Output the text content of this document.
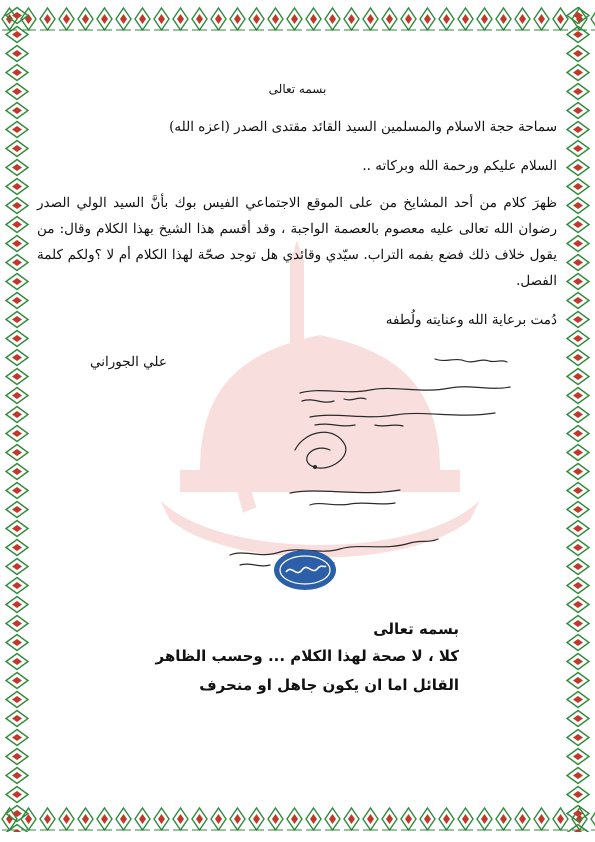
بسمه تعالى
سماحة حجة الاسلام والمسلمين السيد القائد مقتدى الصدر (اعزه الله)
السلام عليكم ورحمة الله وبركاته ..
ظهرَ كلام من أحد المشايخ من على الموقع الاجتماعي الفيس بوك بأنَّ السيد الولي الصدر رضوان الله تعالى عليه معصوم بالعصمة الواجبة ، وقد أقسم هذا الشيخ بهذا الكلام وقال: من يقول خلاف ذلك فضع بفمه التراب. سيّدي وقائدي هل توجد صحّة لهذا الكلام أم لا ؟ولكم كلمة الفصل.
دُمت برعاية الله وعنايته ولُطفه
علي الجوراني
بسمه تعالى
كلا ، لا صحة لهذا الكلام ... وحسب الظاهر
القائل اما ان يكون جاهل او منحرف
